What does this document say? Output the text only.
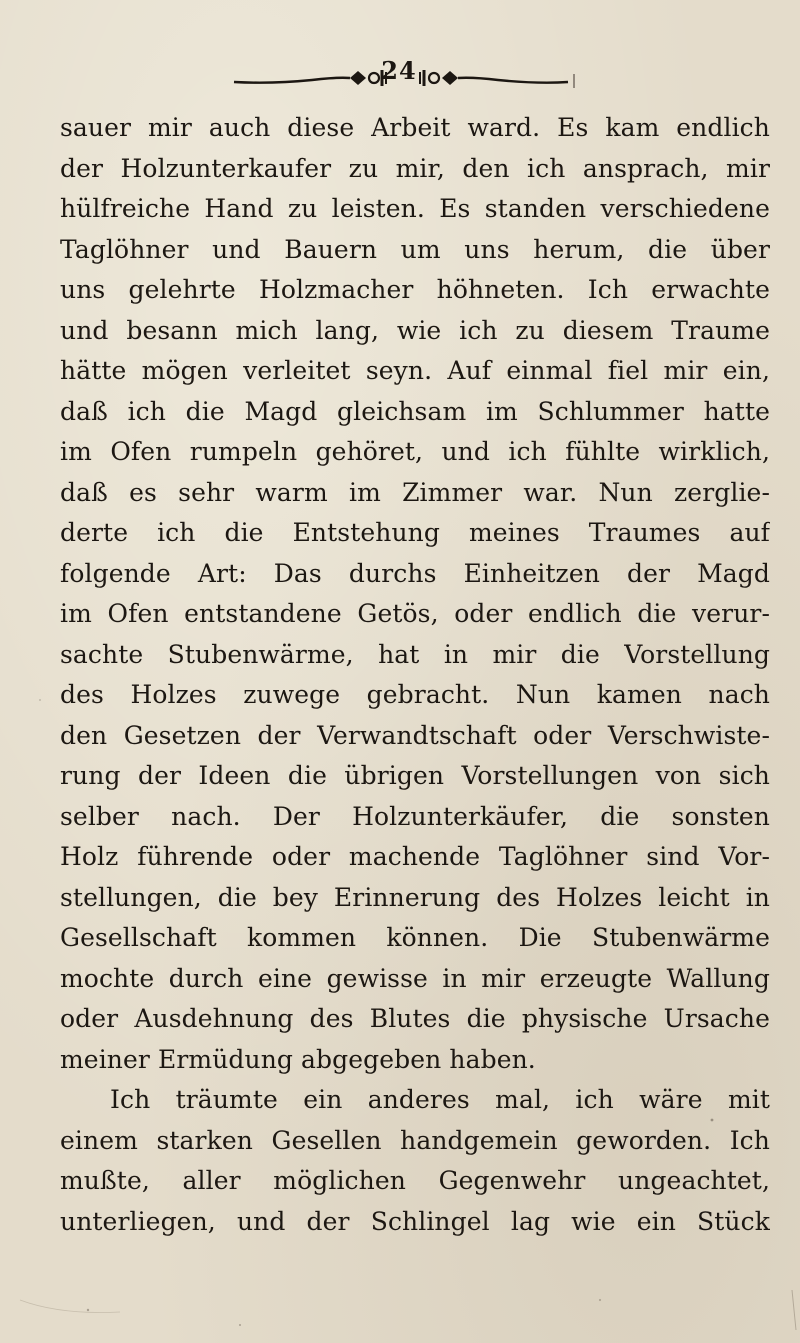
24
sauer mir auch diese Arbeit ward. Es kam endlich
der Holzunterkaufer zu mir, den ich ansprach, mir
hülfreiche Hand zu leisten. Es standen verschiedene
Taglöhner und Bauern um uns herum, die über
uns gelehrte Holzmacher höhneten. Ich erwachte
und besann mich lang, wie ich zu diesem Traume
hätte mögen verleitet seyn. Auf einmal fiel mir ein,
daß ich die Magd gleichsam im Schlummer hatte
im Ofen rumpeln gehöret, und ich fühlte wirklich,
daß es sehr warm im Zimmer war. Nun zerglie-
derte ich die Entstehung meines Traumes auf
folgende Art: Das durchs Einheitzen der Magd
im Ofen entstandene Getös, oder endlich die verur-
sachte Stubenwärme, hat in mir die Vorstellung
des Holzes zuwege gebracht. Nun kamen nach
den Gesetzen der Verwandtschaft oder Verschwiste-
rung der Ideen die übrigen Vorstellungen von sich
selber nach. Der Holzunterkäufer, die sonsten
Holz führende oder machende Taglöhner sind Vor-
stellungen, die bey Erinnerung des Holzes leicht in
Gesellschaft kommen können. Die Stubenwärme
mochte durch eine gewisse in mir erzeugte Wallung
oder Ausdehnung des Blutes die physische Ursache
meiner Ermüdung abgegeben haben.
Ich träumte ein anderes mal, ich wäre mit
einem starken Gesellen handgemein geworden. Ich
mußte, aller möglichen Gegenwehr ungeachtet,
unterliegen, und der Schlingel lag wie ein Stück
